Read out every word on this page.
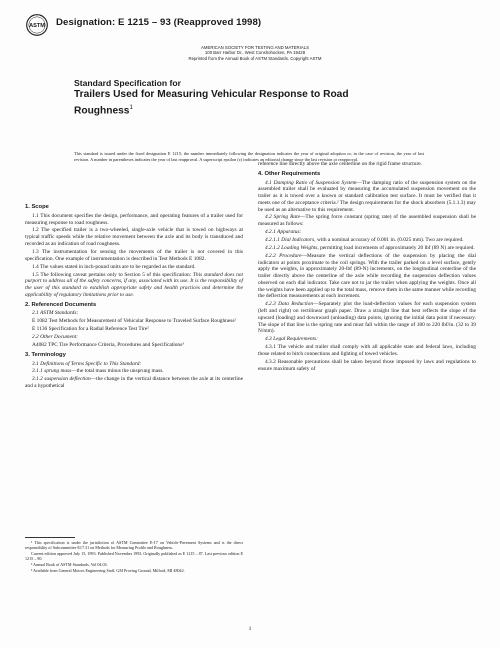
ASTM Designation: E 1215 – 93 (Reapproved 1998)
AMERICAN SOCIETY FOR TESTING AND MATERIALS
100 Barr Harbor Dr., West Conshohocken, PA 19428
Reprinted from the Annual Book of ASTM Standards. Copyright ASTM
Standard Specification for
Trailers Used for Measuring Vehicular Response to Road
Roughness$^1$
This standard is issued under the fixed designation E 1215; the number immediately following the designation indicates the year of original adoption or, in the case of revision, the year of last revision. A number in parentheses indicates the year of last reapproval. A superscript epsilon (ε) indicates an editorial change since the last revision or reapproval.

1. Scope

1.1 This document specifies the design, performance, and operating features of a trailer used for measuring response to road roughness.

1.2 The specified trailer is a two-wheeled, single-axle vehicle that is towed on highways at typical traffic speeds while the relative movement between the axle and its body is transduced and recorded as an indication of road roughness.

1.3 The instrumentation for sensing the movements of the trailer is not covered in this specification. One example of instrumentation is described in Test Methods E 1082.

1.4 The values stated in inch-pound units are to be regarded as the standard.

1.5 The following caveat pertains only to Section 5 of this specification: This standard does not purport to address all of the safety concerns, if any, associated with its use. It is the responsibility of the user of this standard to establish appropriate safety and health practices and determine the applicability of regulatory limitations prior to use.

2. Referenced Documents

2.1 ASTM Standards:

E 1082 Test Methods for Measurement of Vehicular Response to Traveled Surface Roughness²

E 1136 Specification for a Radial Reference Test Tire²

2.2 Other Document:

A4082 TPC Tire Performance Criteria, Procedures and Specifications³

3. Terminology

3.1 Definitions of Terms Specific to This Standard:

3.1.1 sprung mass—the total mass minus the unsprung mass.

3.1.2 suspension deflection—the change in the vertical distance between the axle at its centerline and a hypothetical

reference line directly above the axle centerline on the rigid frame structure.

4. Other Requirements

4.1 Damping Ratio of Suspension System—The damping ratio of the suspension system on the assembled trailer shall be evaluated by measuring the accumulated suspension movement on the trailer as it is towed over a known or standard calibration test surface. It must be verified that it meets one of the acceptance criteria.² The design requirements for the shock absorbers (5.1.1.3) may be used as an alternative to this requirement.

4.2 Spring Rate—The spring force constant (spring rate) of the assembled suspension shall be measured as follows:

4.2.1 Apparatus:

4.2.1.1 Dial Indicators, with a nominal accuracy of 0.001 in. (0.025 mm). Two are required.

4.2.1.2 Loading Weights, permitting load increments of approximately 20 lbf (89 N) are required.

4.2.2 Procedure—Measure the vertical deflections of the suspension by placing the dial indicators at points proximate to the coil springs. With the trailer parked on a level surface, gently apply the weights, in approximately 20-lbf (89-N) increments, on the longitudinal centerline of the trailer directly above the centerline of the axle while recording the suspension deflection values observed on each dial indicator. Take care not to jar the trailer when applying the weights. Once all the weights have been applied up to the total mass, remove them in the same manner while recording the deflection measurements at each increment.

4.2.3 Data Reduction—Separately plot the load-deflection values for each suspension system (left and right) on rectilinear graph paper. Draw a straight line that best reflects the slope of the upward (loading) and downward (unloading) data points, ignoring the initial data point if necessary. The slope of that line is the spring rate and must fall within the range of 180 to 220 lbf/in. (32 to 39 N/mm).

4.3 Legal Requirements:

4.3.1 The vehicle and trailer shall comply with all applicable state and federal laws, including those related to hitch connections and lighting of towed vehicles.

4.3.2 Reasonable precautions shall be taken beyond those imposed by laws and regulations to ensure maximum safety of

¹ This specification is under the jurisdiction of ASTM Committee E-17 on Vehicle-Pavement Systems and is the direct responsibility of Subcommittee E17.31 on Methods for Measuring Profile and Roughness.

Current edition approved July 15, 1993. Published November 1993. Originally published as E 1215 – 87. Last previous edition E 1215 – 90.

² Annual Book of ASTM Standards, Vol 04.03.

³ Available from General Motors Engineering Staff, GM Proving Ground, Milford, MI 48042.

1
